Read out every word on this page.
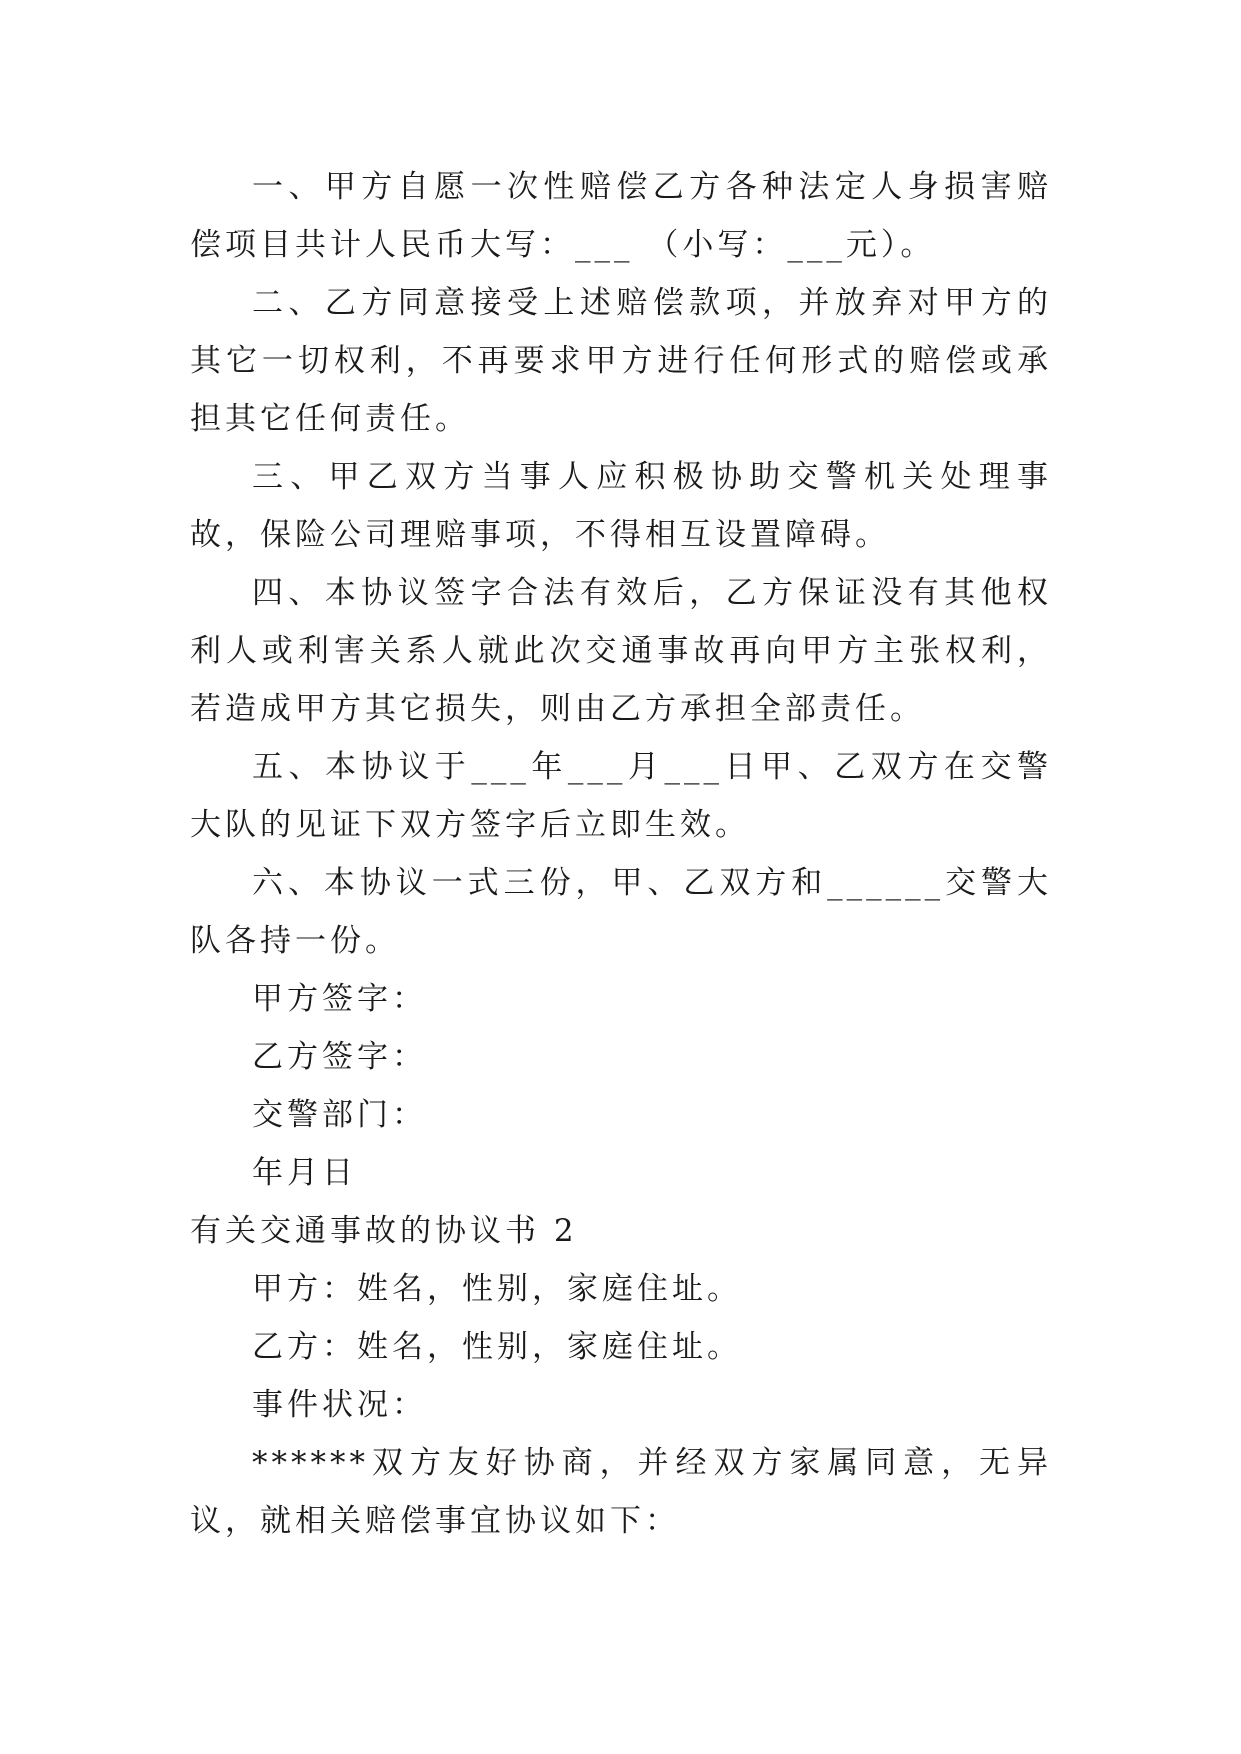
一、甲方自愿一次性赔偿乙方各种法定人身损害赔偿项目共计人民币大写：___ （小写：___元）。

二、乙方同意接受上述赔偿款项，并放弃对甲方的其它一切权利，不再要求甲方进行任何形式的赔偿或承担其它任何责任。

三、甲乙双方当事人应积极协助交警机关处理事故，保险公司理赔事项，不得相互设置障碍。

四、本协议签字合法有效后，乙方保证没有其他权利人或利害关系人就此次交通事故再向甲方主张权利，若造成甲方其它损失，则由乙方承担全部责任。

五、本协议于___年___月___日甲、乙双方在交警大队的见证下双方签字后立即生效。

六、本协议一式三份，甲、乙双方和______交警大队各持一份。

甲方签字：

乙方签字：

交警部门：

年月日

有关交通事故的协议书 2

甲方：姓名，性别，家庭住址。

乙方：姓名，性别，家庭住址。

事件状况：

******双方友好协商，并经双方家属同意，无异议，就相关赔偿事宜协议如下：
